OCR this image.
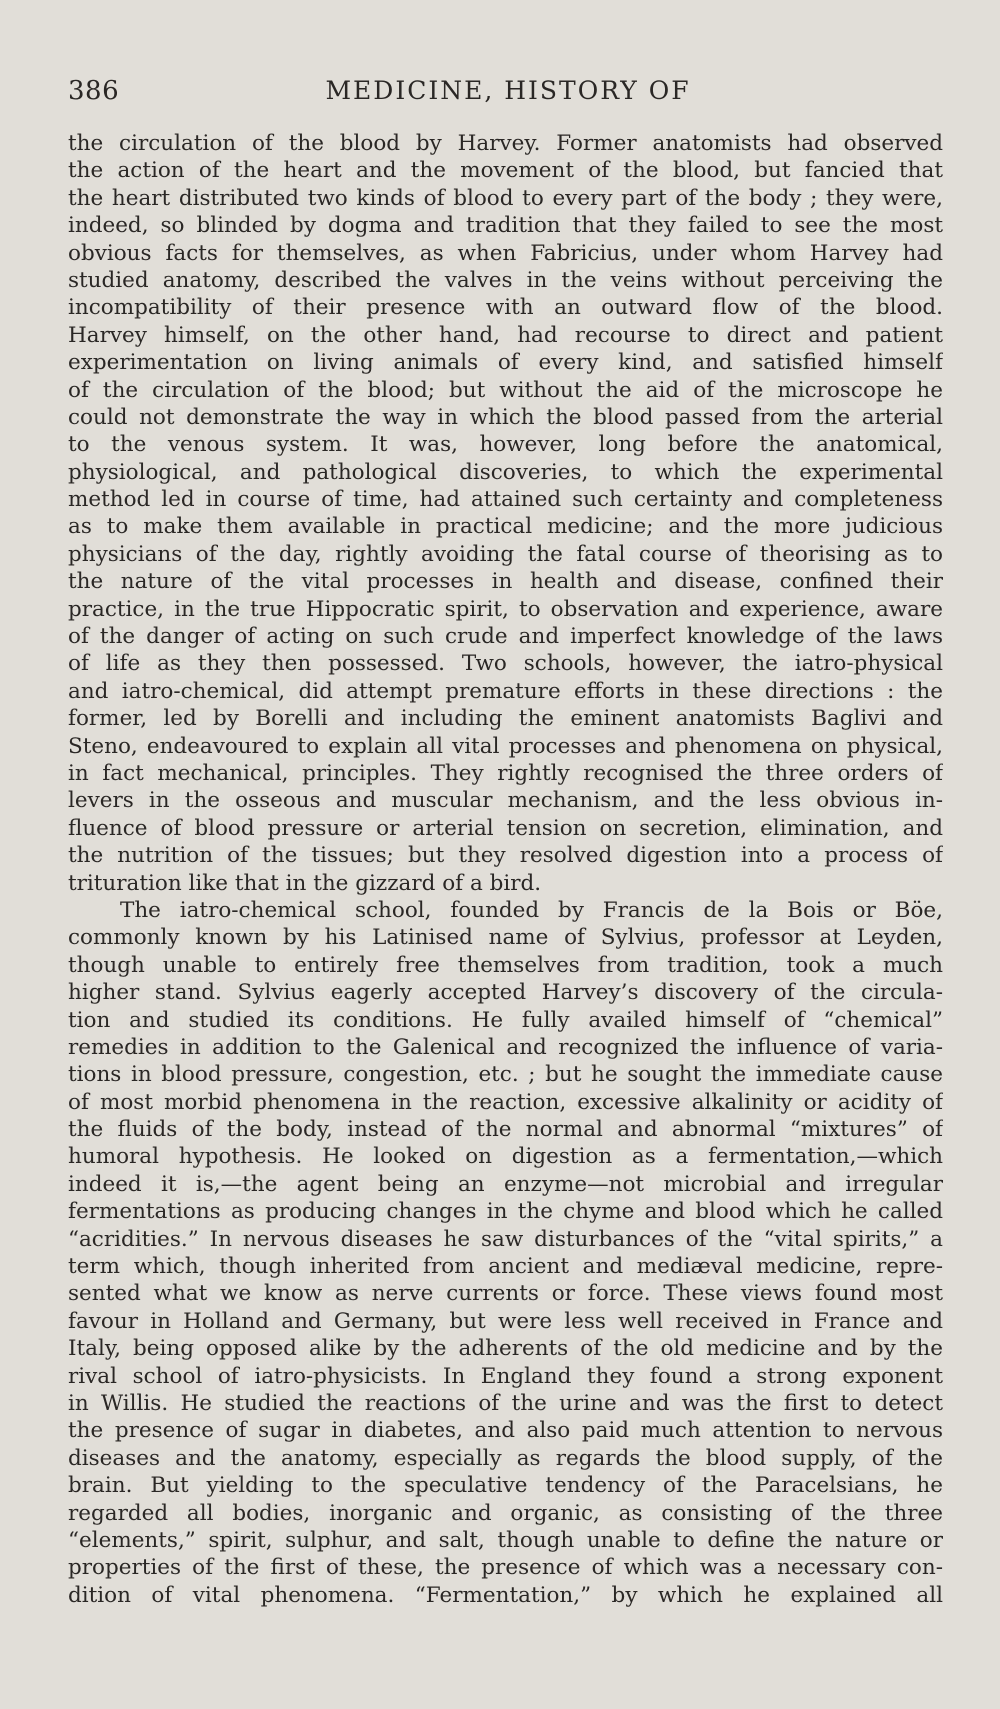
386	MEDICINE, HISTORY OF
the circulation of the blood by Harvey. Former anatomists had observed
the action of the heart and the movement of the blood, but fancied that
the heart distributed two kinds of blood to every part of the body ; they were,
indeed, so blinded by dogma and tradition that they failed to see the most
obvious facts for themselves, as when Fabricius, under whom Harvey had
studied anatomy, described the valves in the veins without perceiving the
incompatibility of their presence with an outward flow of the blood.
Harvey himself, on the other hand, had recourse to direct and patient
experimentation on living animals of every kind, and satisfied himself
of the circulation of the blood; but without the aid of the microscope he
could not demonstrate the way in which the blood passed from the arterial
to the venous system. It was, however, long before the anatomical,
physiological, and pathological discoveries, to which the experimental
method led in course of time, had attained such certainty and completeness
as to make them available in practical medicine; and the more judicious
physicians of the day, rightly avoiding the fatal course of theorising as to
the nature of the vital processes in health and disease, confined their
practice, in the true Hippocratic spirit, to observation and experience, aware
of the danger of acting on such crude and imperfect knowledge of the laws
of life as they then possessed. Two schools, however, the iatro-physical
and iatro-chemical, did attempt premature efforts in these directions : the
former, led by Borelli and including the eminent anatomists Baglivi and
Steno, endeavoured to explain all vital processes and phenomena on physical,
in fact mechanical, principles. They rightly recognised the three orders of
levers in the osseous and muscular mechanism, and the less obvious in-
fluence of blood pressure or arterial tension on secretion, elimination, and
the nutrition of the tissues; but they resolved digestion into a process of
trituration like that in the gizzard of a bird.
The iatro-chemical school, founded by Francis de la Bois or Böe,
commonly known by his Latinised name of Sylvius, professor at Leyden,
though unable to entirely free themselves from tradition, took a much
higher stand. Sylvius eagerly accepted Harvey’s discovery of the circula-
tion and studied its conditions. He fully availed himself of “chemical”
remedies in addition to the Galenical and recognized the influence of varia-
tions in blood pressure, congestion, etc. ; but he sought the immediate cause
of most morbid phenomena in the reaction, excessive alkalinity or acidity of
the fluids of the body, instead of the normal and abnormal “mixtures” of
humoral hypothesis. He looked on digestion as a fermentation,—which
indeed it is,—the agent being an enzyme—not microbial and irregular
fermentations as producing changes in the chyme and blood which he called
“acridities.” In nervous diseases he saw disturbances of the “vital spirits,” a
term which, though inherited from ancient and mediæval medicine, repre-
sented what we know as nerve currents or force. These views found most
favour in Holland and Germany, but were less well received in France and
Italy, being opposed alike by the adherents of the old medicine and by the
rival school of iatro-physicists. In England they found a strong exponent
in Willis. He studied the reactions of the urine and was the first to detect
the presence of sugar in diabetes, and also paid much attention to nervous
diseases and the anatomy, especially as regards the blood supply, of the
brain. But yielding to the speculative tendency of the Paracelsians, he
regarded all bodies, inorganic and organic, as consisting of the three
“elements,” spirit, sulphur, and salt, though unable to define the nature or
properties of the first of these, the presence of which was a necessary con-
dition of vital phenomena. “Fermentation,” by which he explained all
